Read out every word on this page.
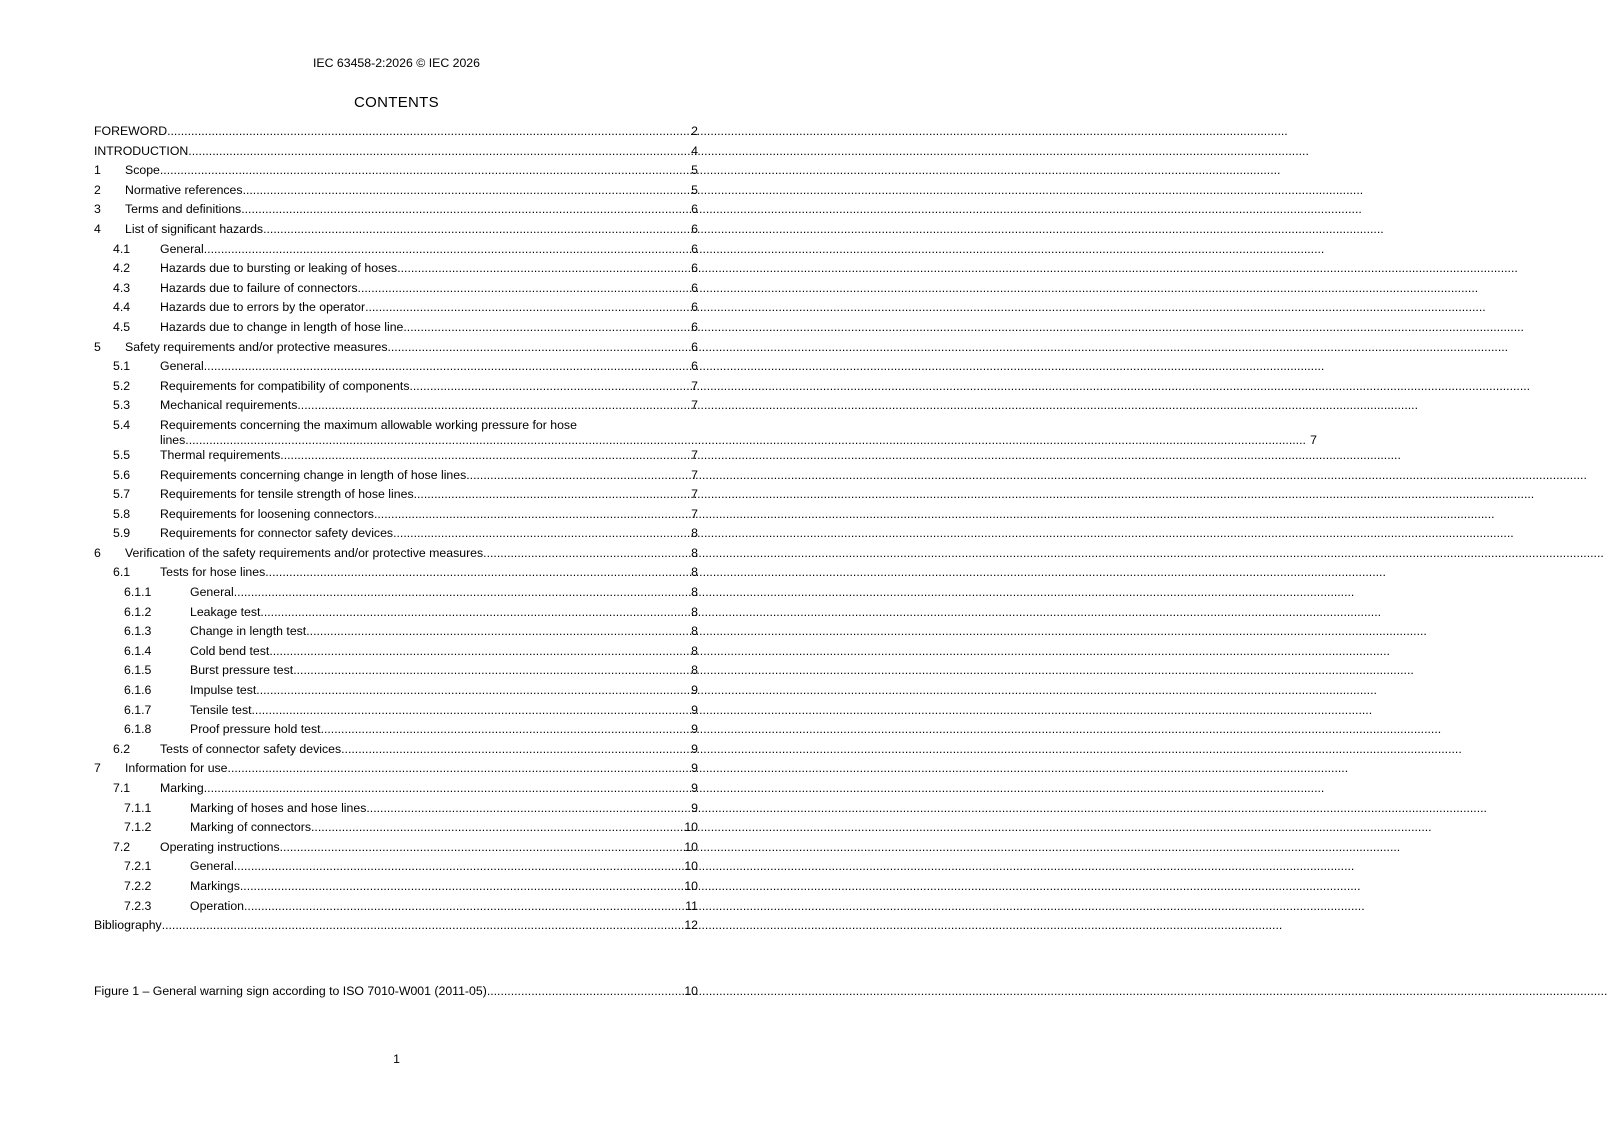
IEC 63458-2:2026 © IEC 2026
CONTENTS
FOREWORD .....	2
INTRODUCTION .....	4
1	Scope .....	5
2	Normative references .....	5
3	Terms and definitions .....	6
4	List of significant hazards .....	6
4.1	General .....	6
4.2	Hazards due to bursting or leaking of hoses .....	6
4.3	Hazards due to failure of connectors .....	6
4.4	Hazards due to errors by the operator .....	6
4.5	Hazards due to change in length of hose line .....	6
5	Safety requirements and/or protective measures .....	6
5.1	General .....	6
5.2	Requirements for compatibility of components .....	7
5.3	Mechanical requirements .....	7
5.4	Requirements concerning the maximum allowable working pressure for hose
lines .....	7
5.5	Thermal requirements .....	7
5.6	Requirements concerning change in length of hose lines .....	7
5.7	Requirements for tensile strength of hose lines .....	7
5.8	Requirements for loosening connectors .....	7
5.9	Requirements for connector safety devices .....	8
6	Verification of the safety requirements and/or protective measures .....	8
6.1	Tests for hose lines .....	8
6.1.1	General .....	8
6.1.2	Leakage test .....	8
6.1.3	Change in length test .....	8
6.1.4	Cold bend test .....	8
6.1.5	Burst pressure test .....	8
6.1.6	Impulse test .....	9
6.1.7	Tensile test .....	9
6.1.8	Proof pressure hold test .....	9
6.2	Tests of connector safety devices .....	9
7	Information for use .....	9
7.1	Marking .....	9
7.1.1	Marking of hoses and hose lines .....	9
7.1.2	Marking of connectors .....	10
7.2	Operating instructions .....	10
7.2.1	General .....	10
7.2.2	Markings .....	10
7.2.3	Operation .....	11
Bibliography .....	12
Figure 1 – General warning sign according to ISO 7010-W001 (2011-05) .....	10
1
